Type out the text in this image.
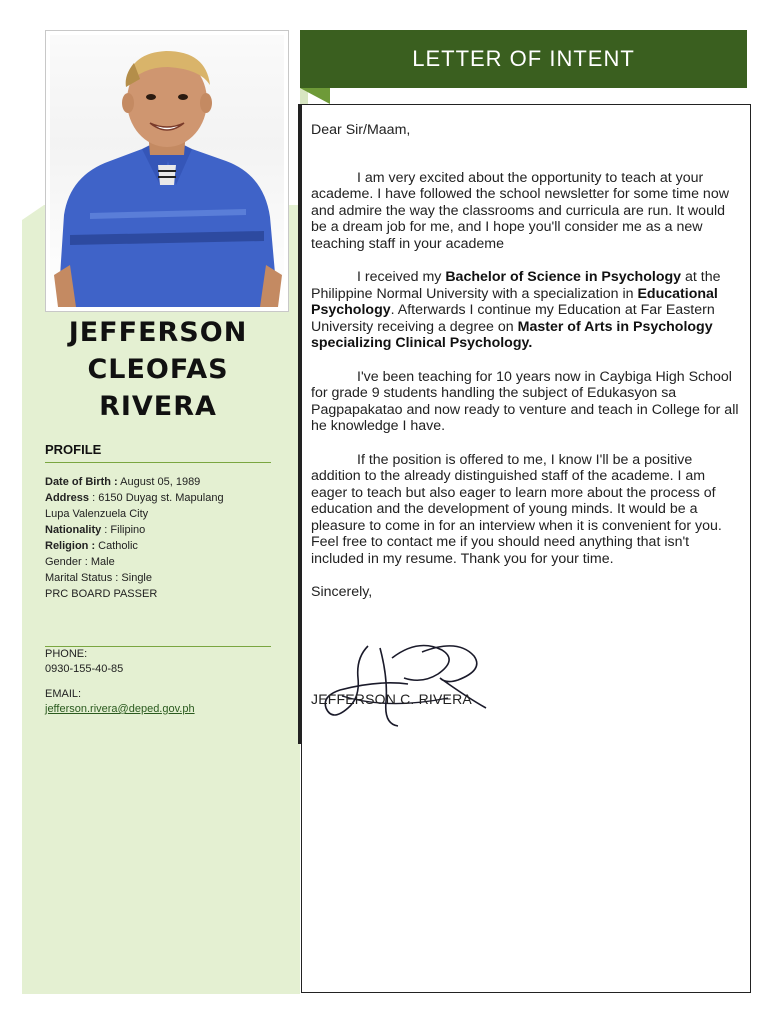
JEFFERSON
CLEOFAS
RIVERA
PROFILE
Date of Birth : August 05, 1989
Address : 6150 Duyag st. Mapulang
Lupa Valenzuela City
Nationality : Filipino
Religion : Catholic
Gender : Male
Marital Status : Single
PRC BOARD PASSER
PHONE:
0930-155-40-85
EMAIL:
jefferson.rivera@deped.gov.ph
LETTER OF INTENT

Dear Sir/Maam,

I am very excited about the opportunity to teach at your academe. I have followed the school newsletter for some time now and admire the way the classrooms and curricula are run. It would be a dream job for me, and I hope you'll consider me as a new teaching staff in your academe

I received my Bachelor of Science in Psychology at the Philippine Normal University with a specialization in Educational Psychology. Afterwards I continue my Education at Far Eastern University receiving a degree on Master of Arts in Psychology specializing Clinical Psychology.

I've been teaching for 10 years now in Caybiga High School for grade 9 students handling the subject of Edukasyon sa Pagpapakatao and now ready to venture and teach in College for all he knowledge I have.

If the position is offered to me, I know I'll be a positive addition to the already distinguished staff of the academe. I am eager to teach but also eager to learn more about the process of education and the development of young minds. It would be a pleasure to come in for an interview when it is convenient for you. Feel free to contact me if you should need anything that isn't included in my resume. Thank you for your time.

Sincerely,

JEFFERSON C. RIVERA
